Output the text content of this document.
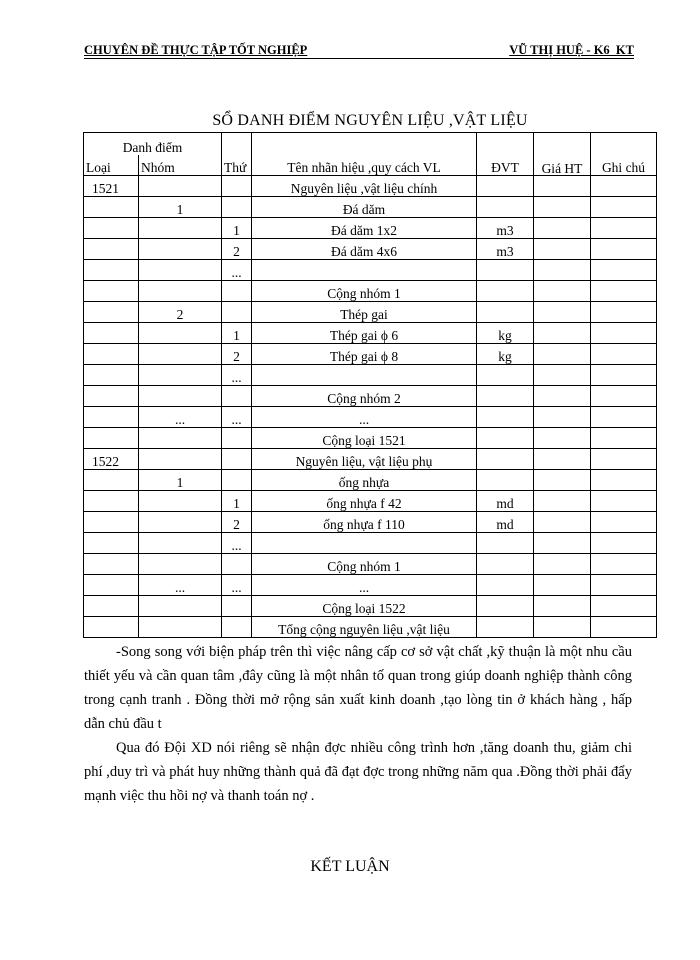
CHUYÊN ĐỀ THỰC TẬP TỐT NGHIỆP	VŨ THỊ HUỆ - K6_KT
SỔ DANH ĐIỂM NGUYÊN LIỆU ,VẬT LIỆU
Danh điểm		Thứ	Tên nhãn hiệu ,quy cách VL	ĐVT	Giá HT	Ghi chú
Loại	Nhóm					
1521			Nguyên liệu ,vật liệu chính			
	1		Đá dăm			
		1	Đá dăm 1x2	m3		
		2	Đá dăm 4x6	m3		
		...				
			Cộng nhóm 1			
	2		Thép gai			
		1	Thép gai ϕ 6	kg		
		2	Thép gai ϕ 8	kg		
		...				
			Cộng nhóm 2			
	...	...	...			
			Cộng loại 1521			
1522			Nguyên liệu, vật liệu phụ			
	1		ống nhựa			
		1	ống nhựa f 42	md		
		2	ống nhựa f 110	md		
		...				
			Cộng nhóm 1			
	...	...	...			
			Cộng loại 1522			
			Tổng cộng nguyên liệu ,vật liệu			

-Song song với biện pháp trên thì việc nâng cấp cơ sở vật chất ,kỹ thuận là một nhu cầu thiết yếu và cần quan tâm ,đây cũng là một nhân tố quan trong giúp doanh nghiệp thành công trong cạnh tranh . Đồng thời mở rộng sản xuất kinh doanh ,tạo lòng tin ở khách hàng , hấp dẫn chủ đầu t

Qua đó Đội XD nói riêng sẽ nhận đợc nhiều công trình hơn ,tăng doanh thu, giảm chi phí ,duy trì và phát huy những thành quả đã đạt đợc trong những năm qua .Đồng thời phải đẩy mạnh việc thu hồi nợ và thanh toán nợ .

KẾT LUẬN
